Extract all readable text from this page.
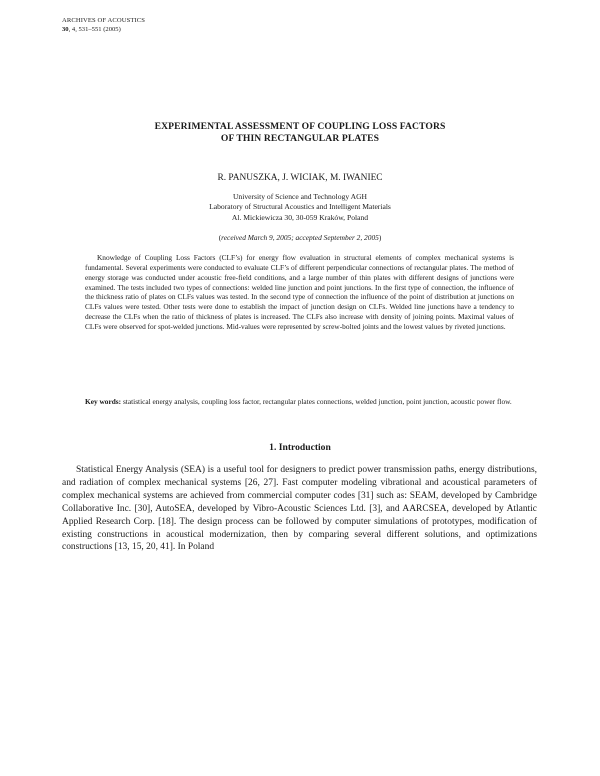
ARCHIVES OF ACOUSTICS
30, 4, 531–551 (2005)
EXPERIMENTAL ASSESSMENT OF COUPLING LOSS FACTORS
OF THIN RECTANGULAR PLATES
R. PANUSZKA, J. WICIAK, M. IWANIEC
University of Science and Technology AGH
Laboratory of Structural Acoustics and Intelligent Materials
Al. Mickiewicza 30, 30-059 Kraków, Poland
(received March 9, 2005; accepted September 2, 2005)

Knowledge of Coupling Loss Factors (CLF’s) for energy flow evaluation in structural elements of complex mechanical systems is fundamental. Several experiments were conducted to evaluate CLF’s of different perpendicular connections of rectangular plates. The method of energy storage was conducted under acoustic free-field conditions, and a large number of thin plates with different designs of junctions were examined. The tests included two types of connections: welded line junction and point junctions. In the first type of connection, the influence of the thickness ratio of plates on CLFs values was tested. In the second type of connection the influence of the point of distribution at junctions on CLFs values were tested. Other tests were done to establish the impact of junction design on CLFs. Welded line junctions have a tendency to decrease the CLFs when the ratio of thickness of plates is increased. The CLFs also increase with density of joining points. Maximal values of CLFs were observed for spot-welded junctions. Mid-values were represented by screw-bolted joints and the lowest values by riveted junctions.

Key words: statistical energy analysis, coupling loss factor, rectangular plates connections, welded junction, point junction, acoustic power flow.

1. Introduction

Statistical Energy Analysis (SEA) is a useful tool for designers to predict power transmission paths, energy distributions, and radiation of complex mechanical systems [26, 27]. Fast computer modeling vibrational and acoustical parameters of complex mechanical systems are achieved from commercial computer codes [31] such as: SEAM, developed by Cambridge Collaborative Inc. [30], AutoSEA, developed by Vibro-Acoustic Sciences Ltd. [3], and AARCSEA, developed by Atlantic Applied Research Corp. [18]. The design process can be followed by computer simulations of prototypes, modification of existing constructions in acoustical modernization, then by comparing several different solutions, and optimizations constructions [13, 15, 20, 41]. In Poland
